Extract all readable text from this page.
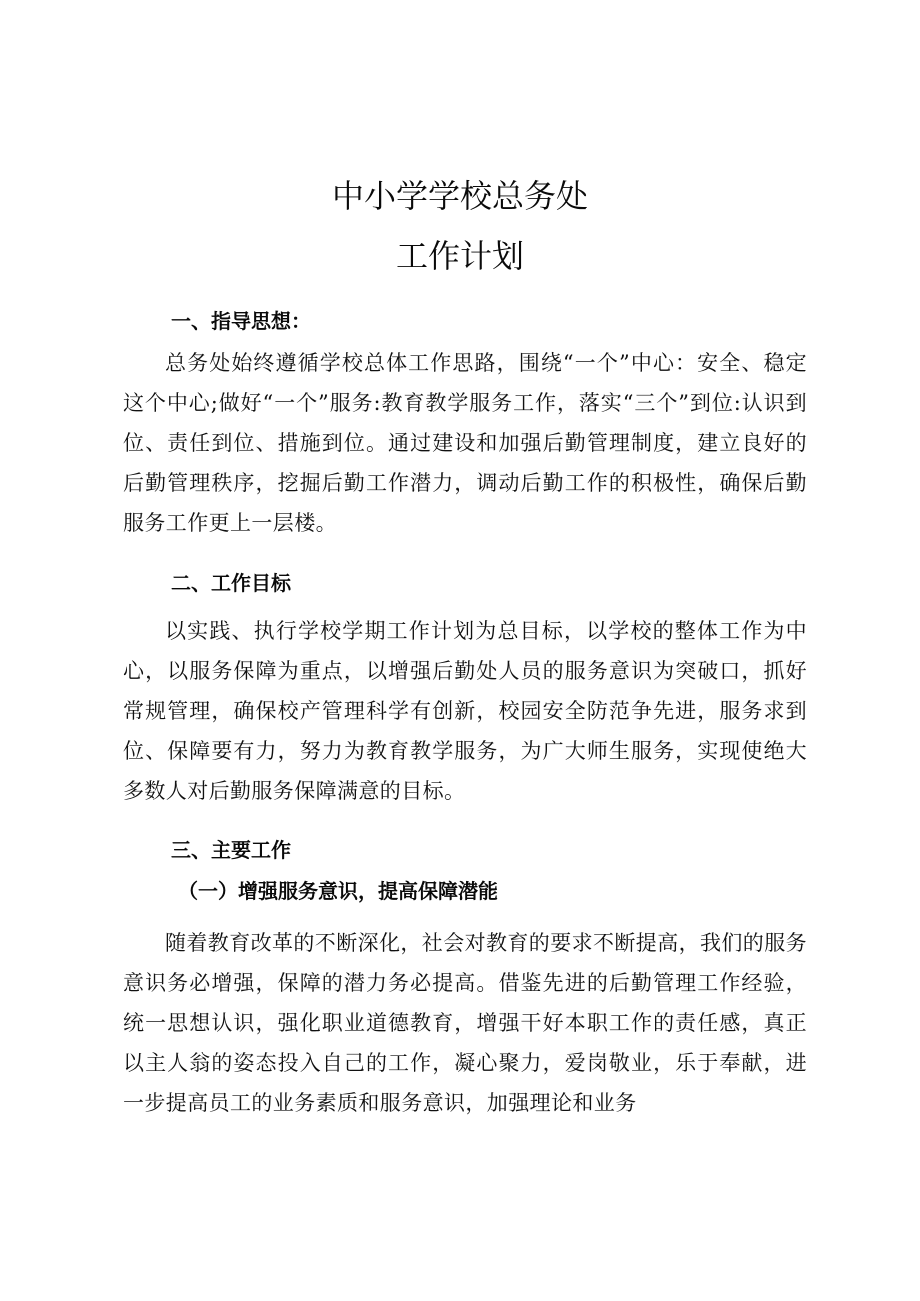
中小学学校总务处
工作计划
一、指导思想：
总务处始终遵循学校总体工作思路，围绕“一个”中心：安全、稳定这个中心;做好“一个”服务:教育教学服务工作，落实“三个”到位:认识到位、责任到位、措施到位。通过建设和加强后勤管理制度，建立良好的后勤管理秩序，挖掘后勤工作潜力，调动后勤工作的积极性，确保后勤服务工作更上一层楼。
二、工作目标
以实践、执行学校学期工作计划为总目标，以学校的整体工作为中心，以服务保障为重点，以增强后勤处人员的服务意识为突破口，抓好常规管理，确保校产管理科学有创新，校园安全防范争先进，服务求到位、保障要有力，努力为教育教学服务，为广大师生服务，实现使绝大多数人对后勤服务保障满意的目标。
三、主要工作
（一）增强服务意识，提高保障潜能
随着教育改革的不断深化，社会对教育的要求不断提高，我们的服务意识务必增强，保障的潜力务必提高。借鉴先进的后勤管理工作经验，统一思想认识，强化职业道德教育，增强干好本职工作的责任感，真正以主人翁的姿态投入自己的工作，凝心聚力，爱岗敬业，乐于奉献，进一步提高员工的业务素质和服务意识，加强理论和业务
